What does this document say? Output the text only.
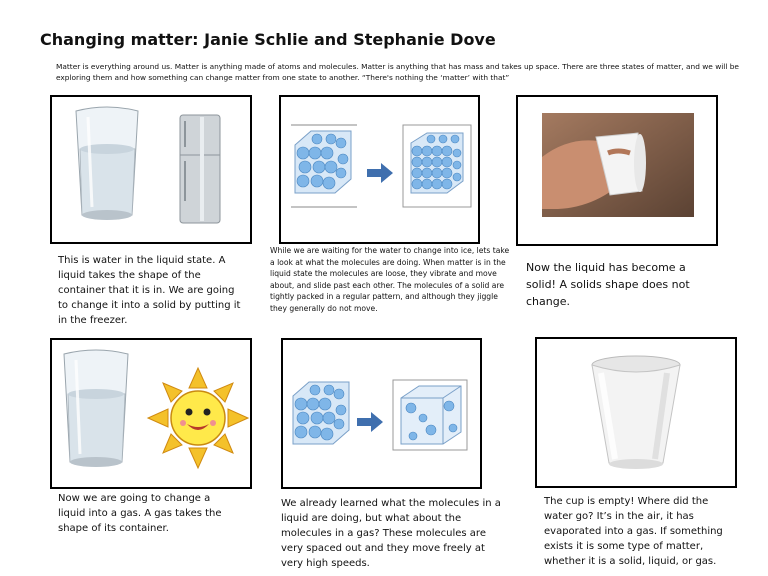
Changing matter: Janie Schlie and Stephanie Dove
Matter is everything around us. Matter is anything made of atoms and molecules. Matter is anything that has mass and takes up space. There are three states of matter, and we will be exploring them and how something can change matter from one state to another. “There's nothing the ‘matter’ with that”
This is water in the liquid state. A liquid takes the shape of the container that it is in. We are going to change it into a solid by putting it in the freezer.
While we are waiting for the water to change into ice, lets take a look at what the molecules are doing. When matter is in the liquid state the molecules are loose, they vibrate and move about, and slide past each other. The molecules of a solid are tightly packed in a regular pattern, and although they jiggle they generally do not move.
Now the liquid has become a solid! A solids shape does not change.
Now we are going to change a liquid into a gas. A gas takes the shape of its container.
We already learned what the molecules in a liquid are doing, but what about the molecules in a gas? These molecules are very spaced out and they move freely at very high speeds.
The cup is empty! Where did the water go? It’s in the air, it has evaporated into a gas. If something exists it is some type of matter, whether it is a solid, liquid, or gas.
